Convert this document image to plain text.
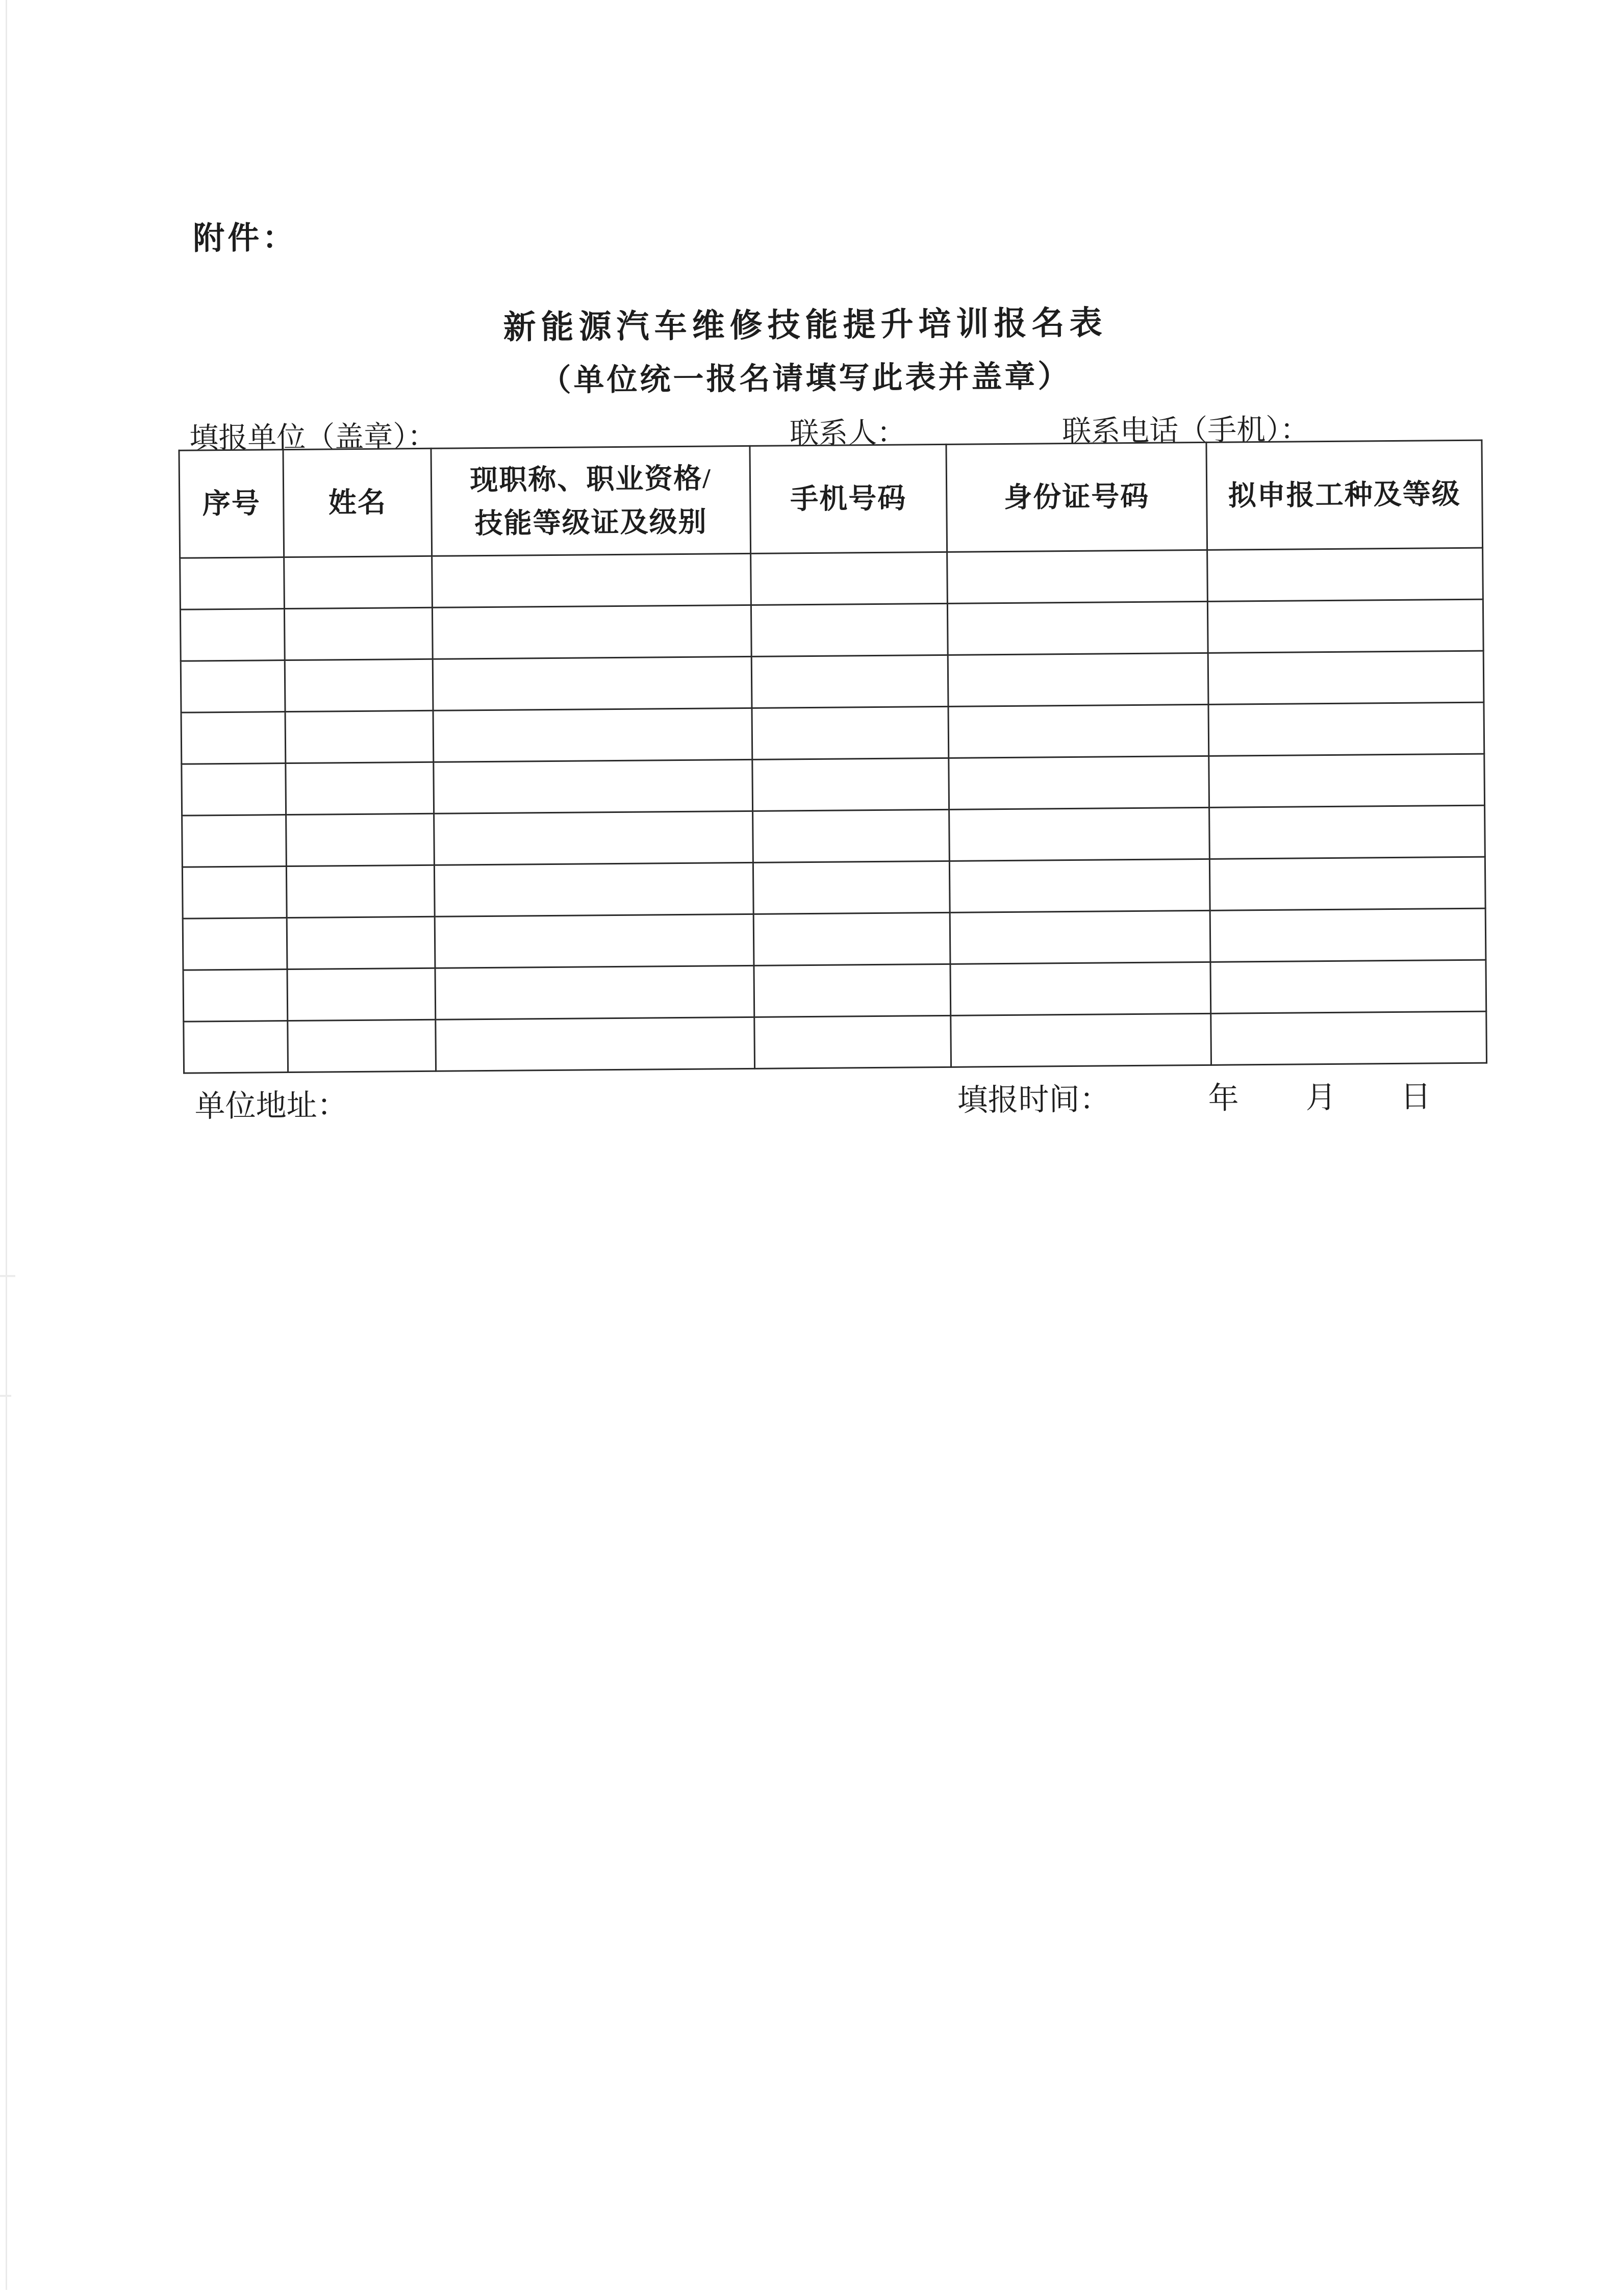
附件：
新能源汽车维修技能提升培训报名表
（单位统一报名请填写此表并盖章）
填报单位（盖章）：	联系人：	联系电话（手机）：
序号	姓名	现职称、职业资格/
技能等级证及级别	手机号码	身份证号码	拟申报工种及等级

单位地址：	填报时间：	年 月 日
